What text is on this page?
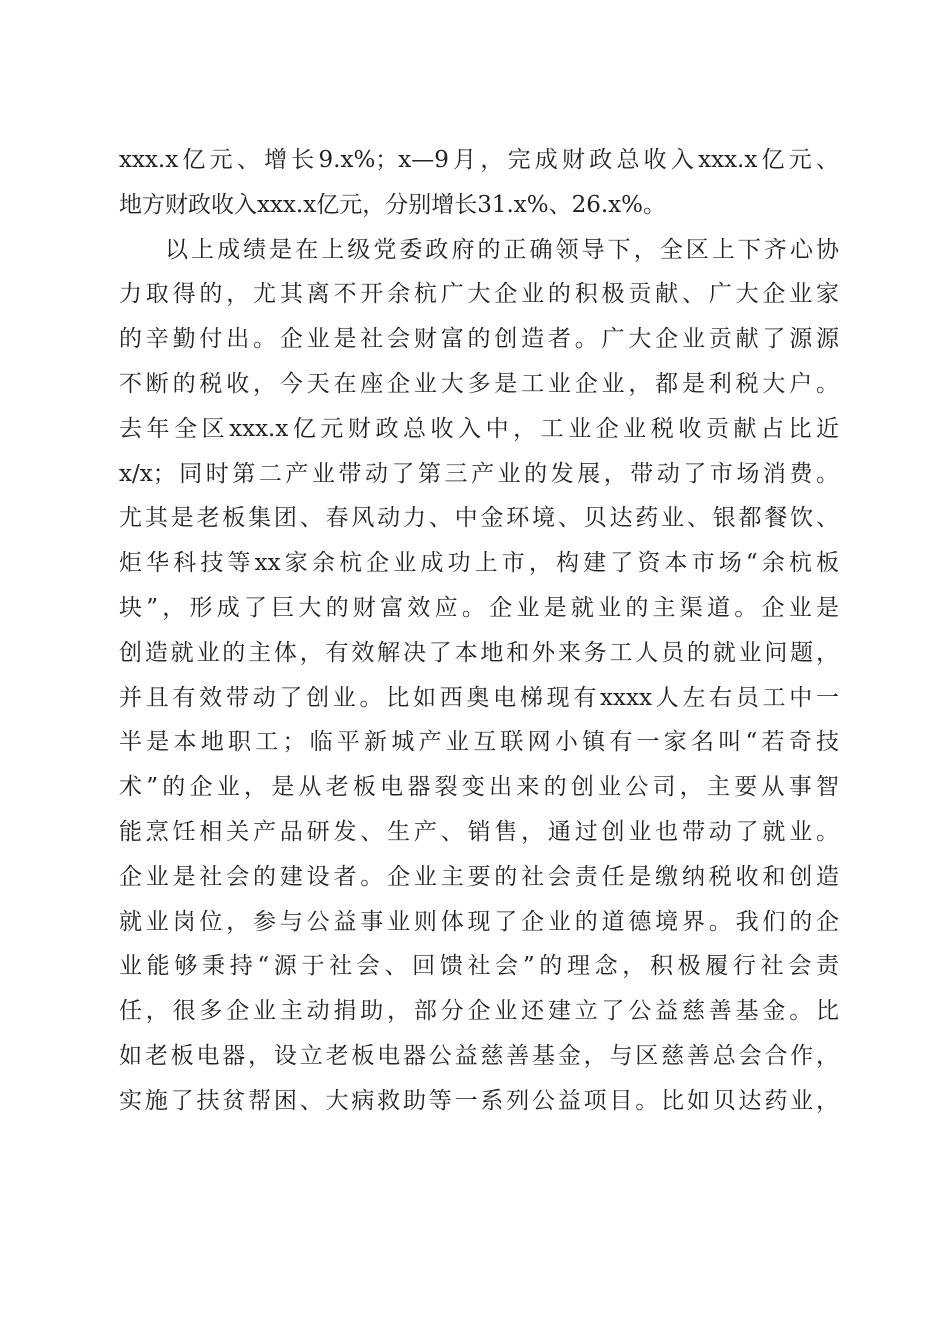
xxx.x亿元、增长9.x%；x—9月，完成财政总收入xxx.x亿元、
地方财政收入xxx.x亿元，分别增长31.x%、26.x%。
以上成绩是在上级党委政府的正确领导下，全区上下齐心协
力取得的，尤其离不开余杭广大企业的积极贡献、广大企业家
的辛勤付出。企业是社会财富的创造者。广大企业贡献了源源
不断的税收，今天在座企业大多是工业企业，都是利税大户。
去年全区xxx.x亿元财政总收入中，工业企业税收贡献占比近
x/x；同时第二产业带动了第三产业的发展，带动了市场消费。
尤其是老板集团、春风动力、中金环境、贝达药业、银都餐饮、
炬华科技等xx家余杭企业成功上市，构建了资本市场“余杭板
块”，形成了巨大的财富效应。企业是就业的主渠道。企业是
创造就业的主体，有效解决了本地和外来务工人员的就业问题，
并且有效带动了创业。比如西奥电梯现有xxxx人左右员工中一
半是本地职工；临平新城产业互联网小镇有一家名叫“若奇技
术”的企业，是从老板电器裂变出来的创业公司，主要从事智
能烹饪相关产品研发、生产、销售，通过创业也带动了就业。
企业是社会的建设者。企业主要的社会责任是缴纳税收和创造
就业岗位，参与公益事业则体现了企业的道德境界。我们的企
业能够秉持“源于社会、回馈社会”的理念，积极履行社会责
任，很多企业主动捐助，部分企业还建立了公益慈善基金。比
如老板电器，设立老板电器公益慈善基金，与区慈善总会合作，
实施了扶贫帮困、大病救助等一系列公益项目。比如贝达药业，
